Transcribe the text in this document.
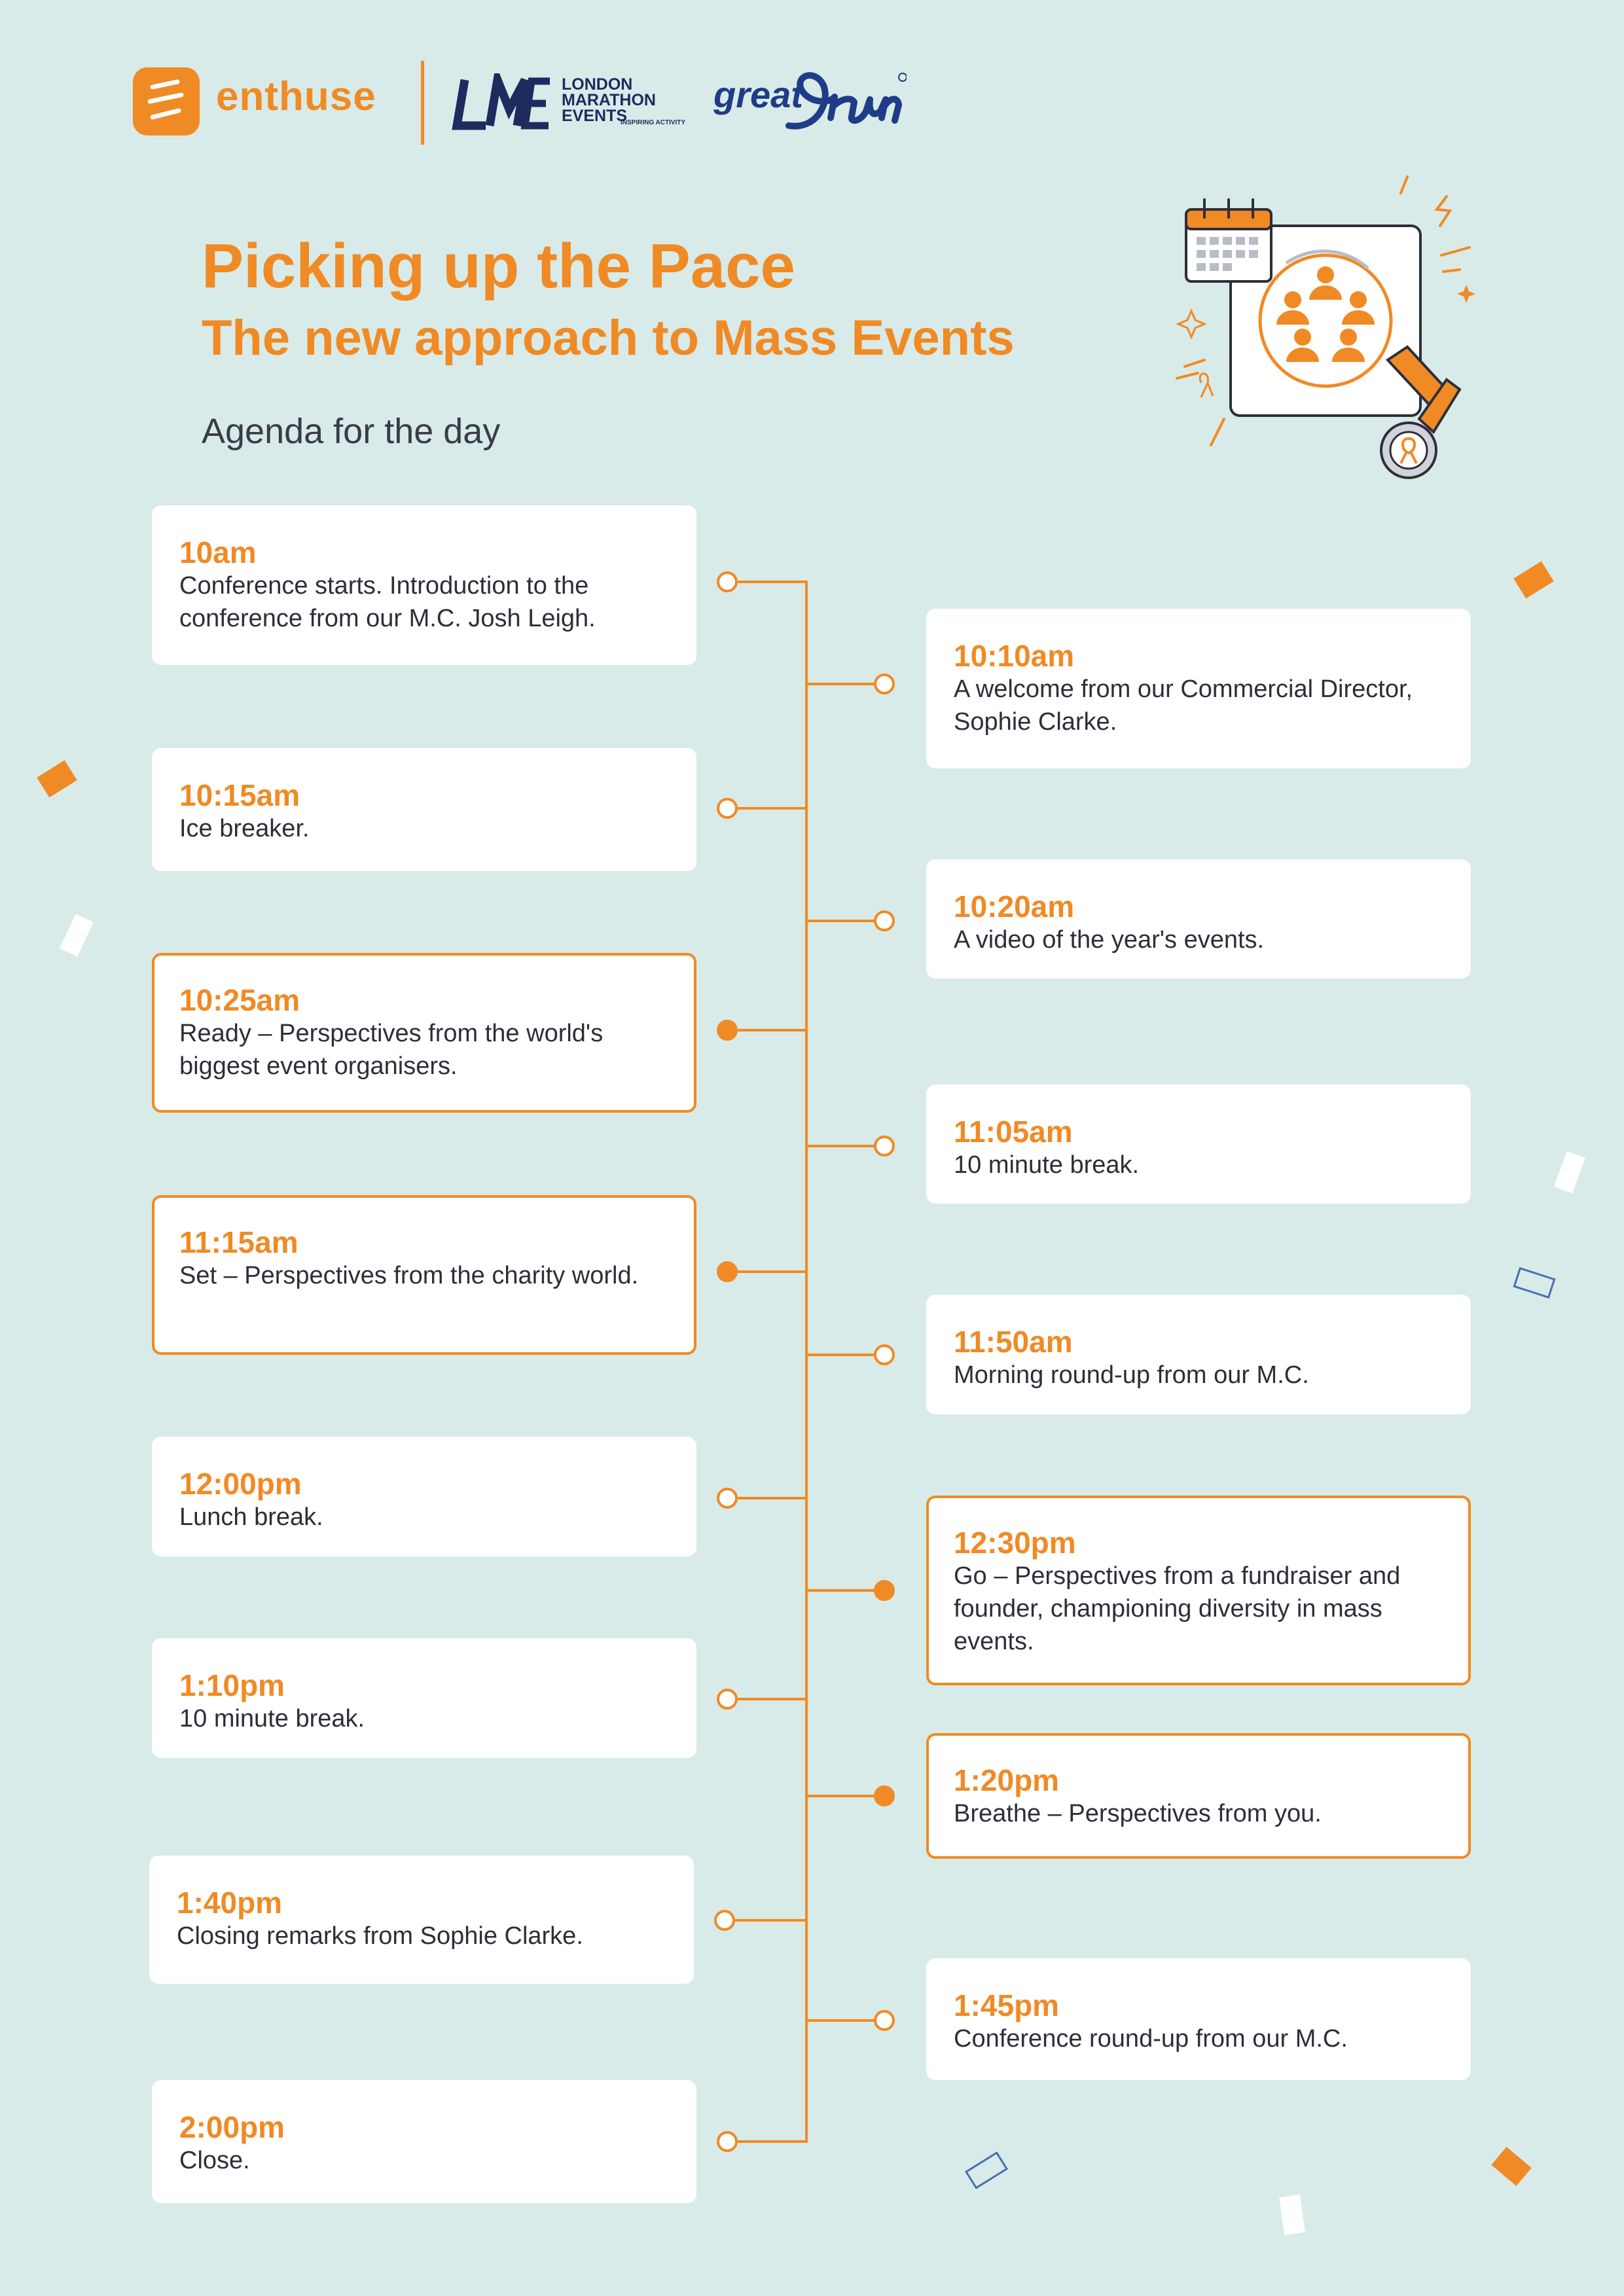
enthuse	LONDON
MARATHON
EVENTS
INSPIRING ACTIVITY
great
Picking up the Pace
The new approach to Mass Events
Agenda for the day
10am
Conference starts. Introduction to the conference from our M.C. Josh Leigh.
10:10am
A welcome from our Commercial Director, Sophie Clarke.
10:15am
Ice breaker.
10:20am
A video of the year's events.
10:25am
Ready – Perspectives from the world's biggest event organisers.
11:05am
10 minute break.
11:15am
Set – Perspectives from the charity world.
11:50am
Morning round-up from our M.C.
12:00pm
Lunch break.
12:30pm
Go – Perspectives from a fundraiser and founder, championing diversity in mass events.
1:10pm
10 minute break.
1:20pm
Breathe – Perspectives from you.
1:40pm
Closing remarks from Sophie Clarke.
1:45pm
Conference round-up from our M.C.
2:00pm
Close.
